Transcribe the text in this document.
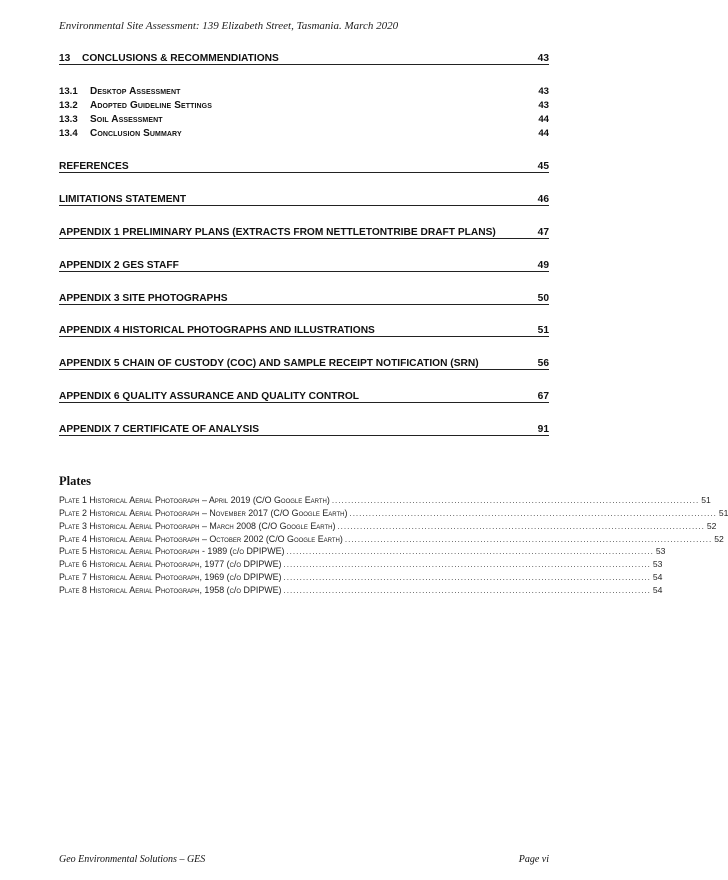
Environmental Site Assessment: 139 Elizabeth Street, Tasmania. March 2020
13	CONCLUSIONS & RECOMMENDIATIONS	43
13.1	Desktop Assessment	43
13.2	Adopted Guideline Settings	43
13.3	Soil Assessment	44
13.4	Conclusion Summary	44
REFERENCES	45
LIMITATIONS STATEMENT	46
APPENDIX 1 PRELIMINARY PLANS (EXTRACTS FROM NETTLETONTRIBE DRAFT PLANS)	47
APPENDIX 2 GES STAFF	49
APPENDIX 3 SITE PHOTOGRAPHS	50
APPENDIX 4 HISTORICAL PHOTOGRAPHS AND ILLUSTRATIONS	51
APPENDIX 5 CHAIN OF CUSTODY (COC) AND SAMPLE RECEIPT NOTIFICATION (SRN)	56
APPENDIX 6 QUALITY ASSURANCE AND QUALITY CONTROL	67
APPENDIX 7 CERTIFICATE OF ANALYSIS	91
Plates
Plate 1 Historical Aerial Photograph – April 2019 (C/O Google Earth) .................................................................................................................. 51
Plate 2 Historical Aerial Photograph – November 2017 (C/O Google Earth) .................................................................................................................. 51
Plate 3 Historical Aerial Photograph – March 2008 (C/O Google Earth) .................................................................................................................. 52
Plate 4 Historical Aerial Photograph – October 2002 (C/O Google Earth) .................................................................................................................. 52
Plate 5 Historical Aerial Photograph - 1989 (c/o DPIPWE) .................................................................................................................. 53
Plate 6 Historical Aerial Photograph, 1977 (c/o DPIPWE) .................................................................................................................. 53
Plate 7 Historical Aerial Photograph, 1969 (c/o DPIPWE) .................................................................................................................. 54
Plate 8 Historical Aerial Photograph, 1958 (c/o DPIPWE) .................................................................................................................. 54
Geo Environmental Solutions – GES	Page vi
